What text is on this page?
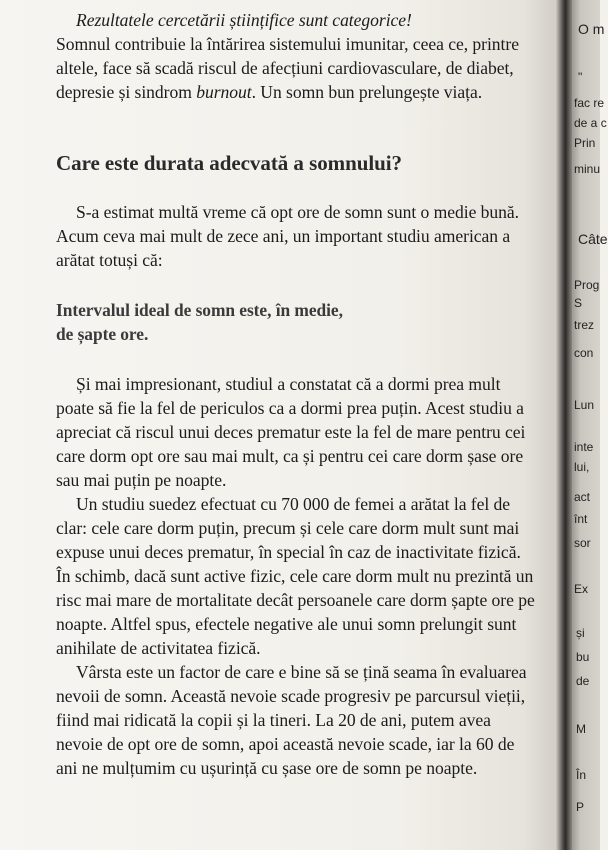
Rezultatele cercetării științifice sunt categorice!
Somnul contribuie la întărirea sistemului imunitar, ceea ce, printre altele, face să scadă riscul de afecțiuni cardiovasculare, de diabet, depresie și sindrom burnout. Un somn bun prelungește viața.

Care este durata adecvată a somnului?

S-a estimat multă vreme că opt ore de somn sunt o medie bună. Acum ceva mai mult de zece ani, un important studiu american a arătat totuși că:

Intervalul ideal de somn este, în medie,

de șapte ore.

Și mai impresionant, studiul a constatat că a dormi prea mult poate să fie la fel de periculos ca a dormi prea puțin. Acest studiu a apreciat că riscul unui deces prematur este la fel de mare pentru cei care dorm opt ore sau mai mult, ca și pentru cei care dorm șase ore sau mai puțin pe noapte.

Un studiu suedez efectuat cu 70 000 de femei a arătat la fel de clar: cele care dorm puțin, precum și cele care dorm mult sunt mai expuse unui deces prematur, în special în caz de inactivitate fizică. În schimb, dacă sunt active fizic, cele care dorm mult nu prezintă un risc mai mare de mortalitate decât persoanele care dorm șapte ore pe noapte. Altfel spus, efectele negative ale unui somn prelungit sunt anihilate de activitatea fizică.

Vârsta este un factor de care e bine să se țină seama în evaluarea nevoii de somn. Această nevoie scade progresiv pe parcursul vieții, fiind mai ridicată la copii și la tineri. La 20 de ani, putem avea nevoie de opt ore de somn, apoi această nevoie scade, iar la 60 de ani ne mulțumim cu ușurință cu șase ore de somn pe noapte.

O m
"
fac re
de a c
Prin
minu
Câte
Prog
S
trez
con
Lun
inte
lui,
act
înt
sor
Ex
și
bu
de
M
În
P
